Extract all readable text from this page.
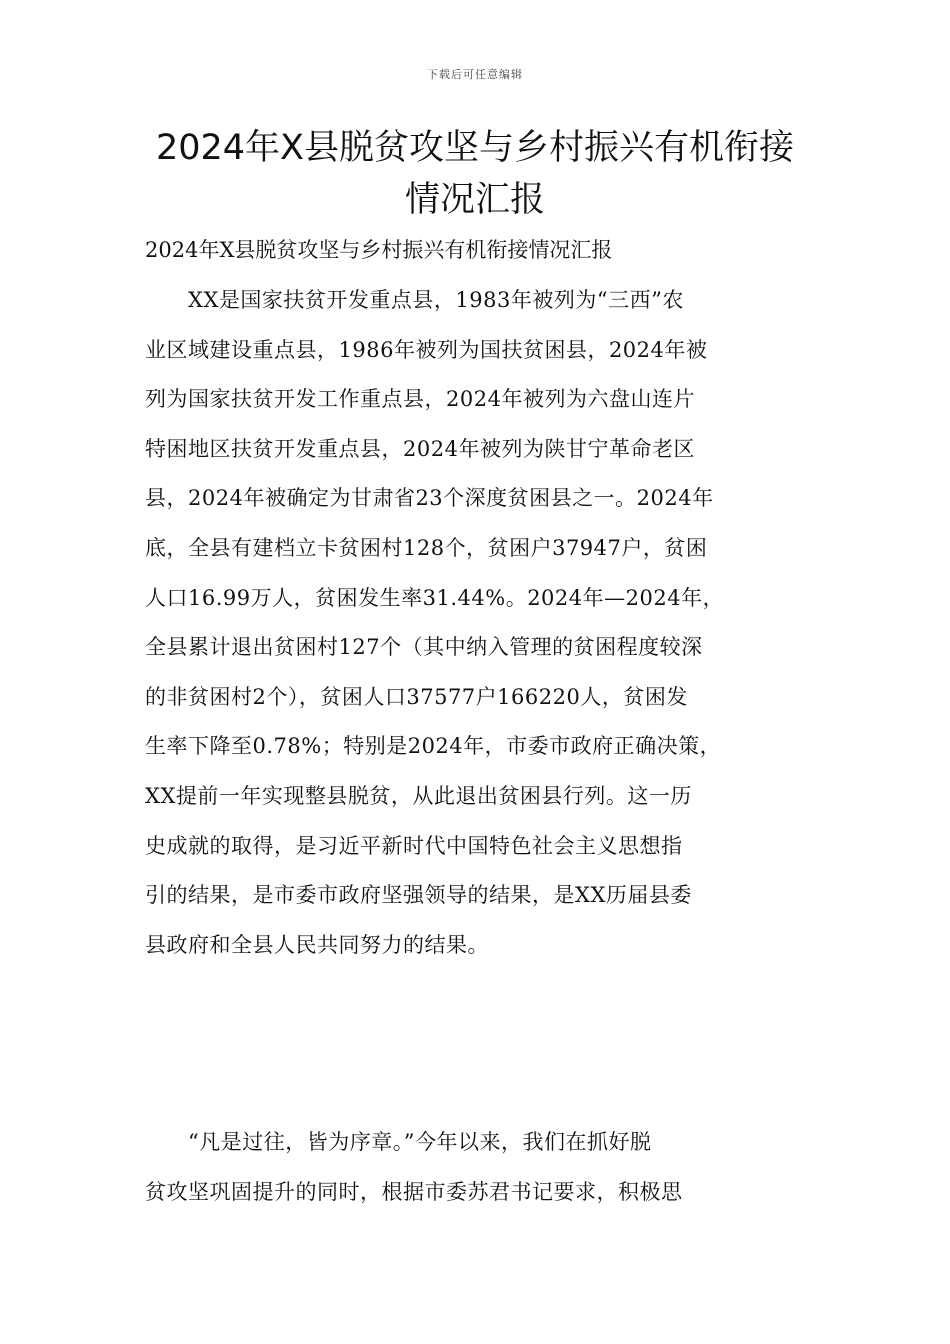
下载后可任意编辑
2024年X县脱贫攻坚与乡村振兴有机衔接
情况汇报
2024年X县脱贫攻坚与乡村振兴有机衔接情况汇报
　　XX是国家扶贫开发重点县，1983年被列为“三西”农
业区域建设重点县，1986年被列为国扶贫困县，2024年被
列为国家扶贫开发工作重点县，2024年被列为六盘山连片
特困地区扶贫开发重点县，2024年被列为陕甘宁革命老区
县，2024年被确定为甘肃省23个深度贫困县之一。2024年
底，全县有建档立卡贫困村128个，贫困户37947户，贫困
人口16.99万人，贫困发生率31.44%。2024年—2024年，
全县累计退出贫困村127个（其中纳入管理的贫困程度较深
的非贫困村2个），贫困人口37577户166220人，贫困发
生率下降至0.78%；特别是2024年，市委市政府正确决策，
XX提前一年实现整县脱贫，从此退出贫困县行列。这一历
史成就的取得，是习近平新时代中国特色社会主义思想指
引的结果，是市委市政府坚强领导的结果，是XX历届县委
县政府和全县人民共同努力的结果。
　　“凡是过往，皆为序章。”今年以来，我们在抓好脱
贫攻坚巩固提升的同时，根据市委苏君书记要求，积极思
